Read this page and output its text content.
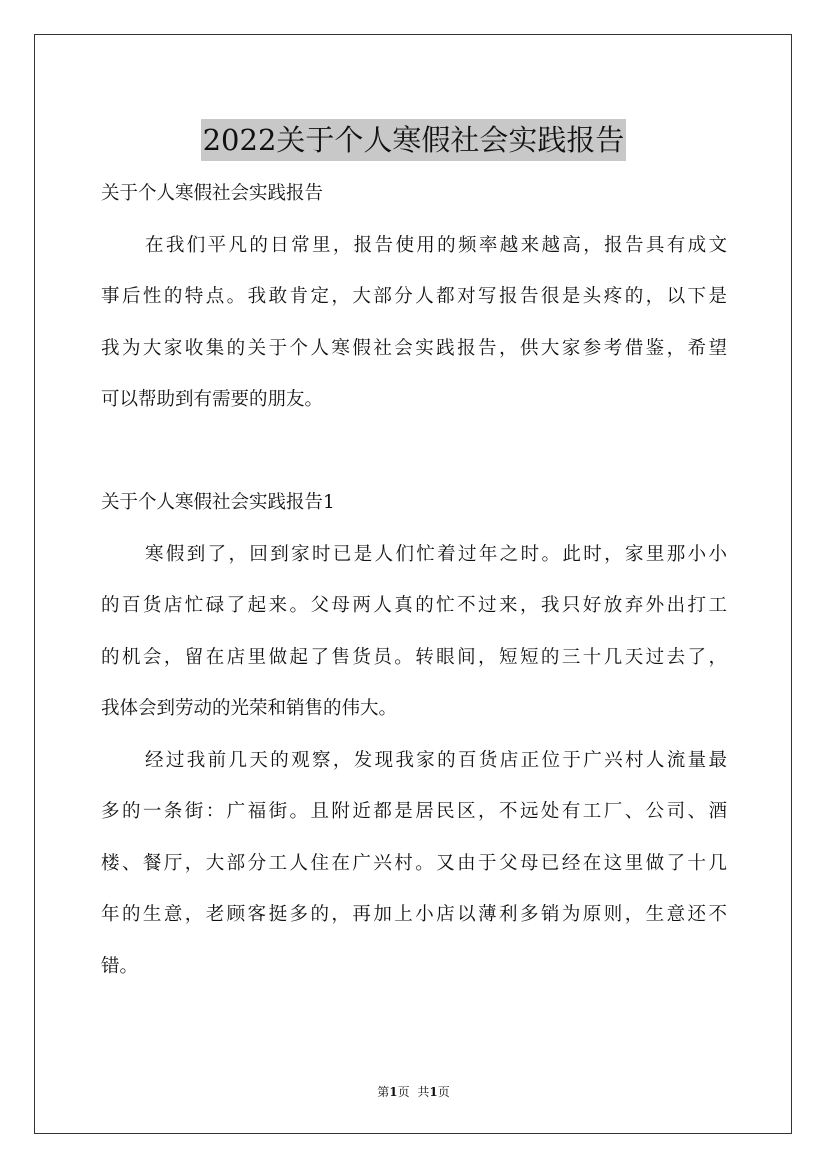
2022关于个人寒假社会实践报告
关于个人寒假社会实践报告
在我们平凡的日常里，报告使用的频率越来越高，报告具有成文
事后性的特点。我敢肯定，大部分人都对写报告很是头疼的，以下是
我为大家收集的关于个人寒假社会实践报告，供大家参考借鉴，希望
可以帮助到有需要的朋友。
关于个人寒假社会实践报告1
寒假到了，回到家时已是人们忙着过年之时。此时，家里那小小
的百货店忙碌了起来。父母两人真的忙不过来，我只好放弃外出打工
的机会，留在店里做起了售货员。转眼间，短短的三十几天过去了，
我体会到劳动的光荣和销售的伟大。
经过我前几天的观察，发现我家的百货店正位于广兴村人流量最
多的一条街：广福街。且附近都是居民区，不远处有工厂、公司、酒
楼、餐厅，大部分工人住在广兴村。又由于父母已经在这里做了十几
年的生意，老顾客挺多的，再加上小店以薄利多销为原则，生意还不
错。
第1页 共1页
